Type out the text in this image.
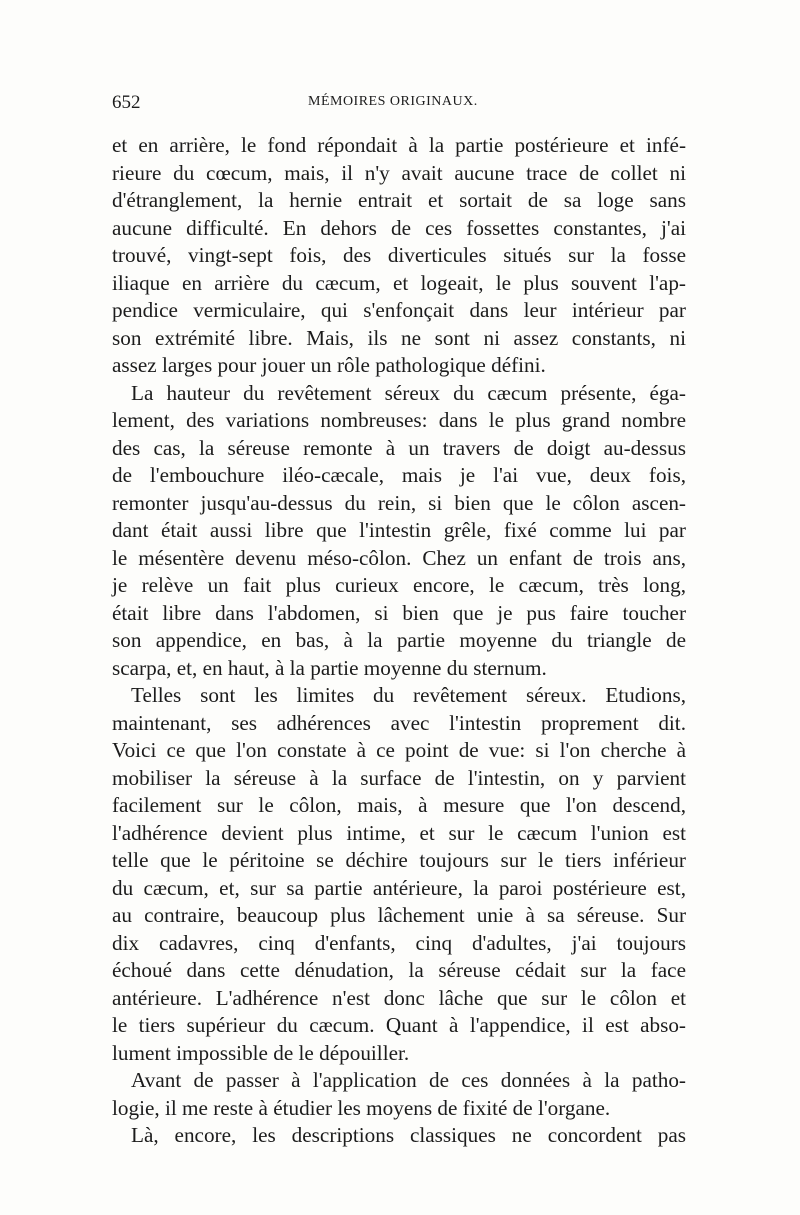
652	MÉMOIRES ORIGINAUX.
et en arrière, le fond répondait à la partie postérieure et infé-
rieure du cœcum, mais, il n'y avait aucune trace de collet ni
d'étranglement, la hernie entrait et sortait de sa loge sans
aucune difficulté. En dehors de ces fossettes constantes, j'ai
trouvé, vingt-sept fois, des diverticules situés sur la fosse
iliaque en arrière du cæcum, et logeait, le plus souvent l'ap-
pendice vermiculaire, qui s'enfonçait dans leur intérieur par
son extrémité libre. Mais, ils ne sont ni assez constants, ni
assez larges pour jouer un rôle pathologique défini.
La hauteur du revêtement séreux du cæcum présente, éga-
lement, des variations nombreuses: dans le plus grand nombre
des cas, la séreuse remonte à un travers de doigt au-dessus
de l'embouchure iléo-cæcale, mais je l'ai vue, deux fois,
remonter jusqu'au-dessus du rein, si bien que le côlon ascen-
dant était aussi libre que l'intestin grêle, fixé comme lui par
le mésentère devenu méso-côlon. Chez un enfant de trois ans,
je relève un fait plus curieux encore, le cæcum, très long,
était libre dans l'abdomen, si bien que je pus faire toucher
son appendice, en bas, à la partie moyenne du triangle de
scarpa, et, en haut, à la partie moyenne du sternum.
Telles sont les limites du revêtement séreux. Etudions,
maintenant, ses adhérences avec l'intestin proprement dit.
Voici ce que l'on constate à ce point de vue: si l'on cherche à
mobiliser la séreuse à la surface de l'intestin, on y parvient
facilement sur le côlon, mais, à mesure que l'on descend,
l'adhérence devient plus intime, et sur le cæcum l'union est
telle que le péritoine se déchire toujours sur le tiers inférieur
du cæcum, et, sur sa partie antérieure, la paroi postérieure est,
au contraire, beaucoup plus lâchement unie à sa séreuse. Sur
dix cadavres, cinq d'enfants, cinq d'adultes, j'ai toujours
échoué dans cette dénudation, la séreuse cédait sur la face
antérieure. L'adhérence n'est donc lâche que sur le côlon et
le tiers supérieur du cæcum. Quant à l'appendice, il est abso-
lument impossible de le dépouiller.
Avant de passer à l'application de ces données à la patho-
logie, il me reste à étudier les moyens de fixité de l'organe.
Là, encore, les descriptions classiques ne concordent pas
